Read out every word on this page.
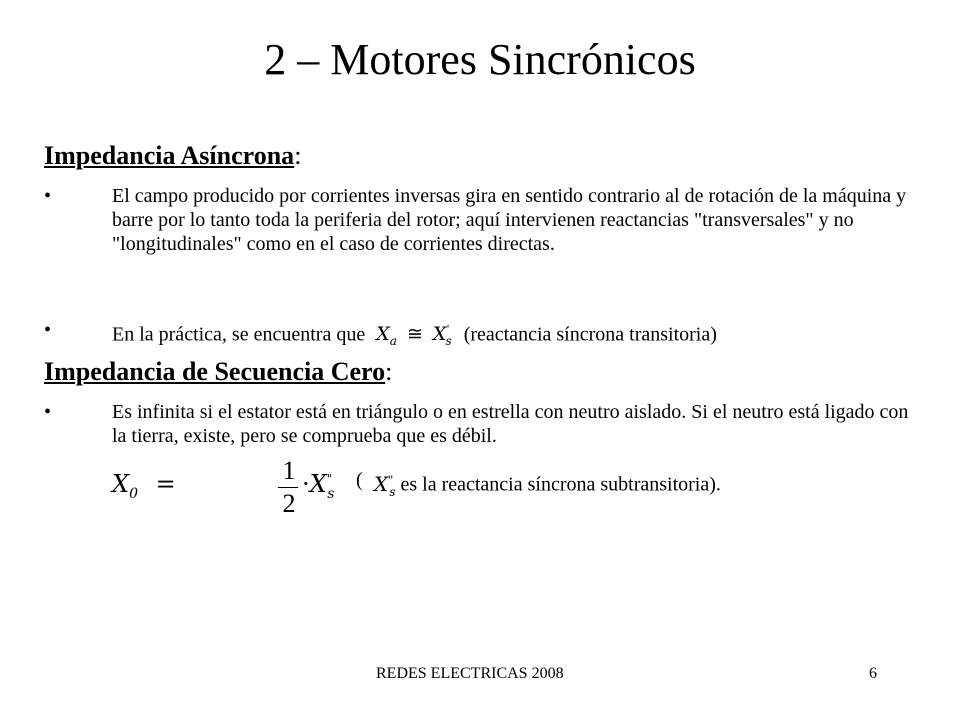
2 – Motores Sincrónicos
Impedancia Asíncrona:
•	El campo producido por corrientes inversas gira en sentido contrario al de rotación de la máquina y barre por lo tanto toda la periferia del rotor; aquí intervienen reactancias "transversales" y no "longitudinales" como en el caso de corrientes directas.
•	En la práctica, se encuentra que $X_a$ ≅ $X'_s$ (reactancia síncrona transitoria)
Impedancia de Secuencia Cero:
•	Es infinita si el estator está en triángulo o en estrella con neutro aislado. Si el neutro está ligado con la tierra, existe, pero se comprueba que es débil.
$X_0$ =	1
2
$\cdot X^"_s$
( $X^"_s$ es la reactancia síncrona subtransitoria).
REDES ELECTRICAS 2008	6
